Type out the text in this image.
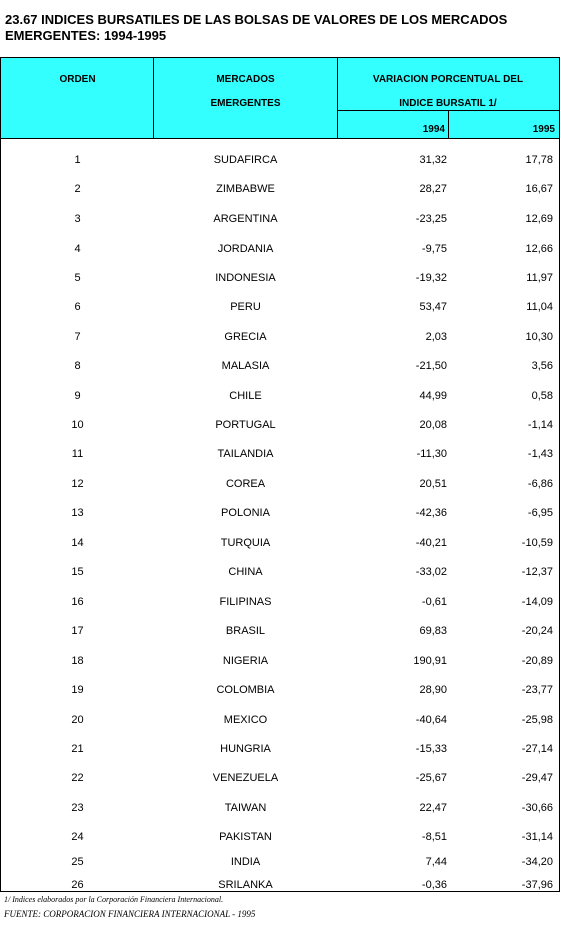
23.67 INDICES BURSATILES DE LAS BOLSAS DE VALORES DE LOS MERCADOS
EMERGENTES: 1994-1995
ORDEN	MERCADOS
EMERGENTES
VARIACION PORCENTUAL DEL
INDICE BURSATIL 1/
1994	1995
1	SUDAFIRCA	31,32	17,78
2	ZIMBABWE	28,27	16,67
3	ARGENTINA	-23,25	12,69
4	JORDANIA	-9,75	12,66
5	INDONESIA	-19,32	11,97
6	PERU	53,47	11,04
7	GRECIA	2,03	10,30
8	MALASIA	-21,50	3,56
9	CHILE	44,99	0,58
10	PORTUGAL	20,08	-1,14
11	TAILANDIA	-11,30	-1,43
12	COREA	20,51	-6,86
13	POLONIA	-42,36	-6,95
14	TURQUIA	-40,21	-10,59
15	CHINA	-33,02	-12,37
16	FILIPINAS	-0,61	-14,09
17	BRASIL	69,83	-20,24
18	NIGERIA	190,91	-20,89
19	COLOMBIA	28,90	-23,77
20	MEXICO	-40,64	-25,98
21	HUNGRIA	-15,33	-27,14
22	VENEZUELA	-25,67	-29,47
23	TAIWAN	22,47	-30,66
24	PAKISTAN	-8,51	-31,14
25	INDIA	7,44	-34,20
26	SRILANKA	-0,36	-37,96
1/ Indices elaborados por la Corporación Financiera Internacional.
FUENTE: CORPORACION FINANCIERA INTERNACIONAL - 1995
